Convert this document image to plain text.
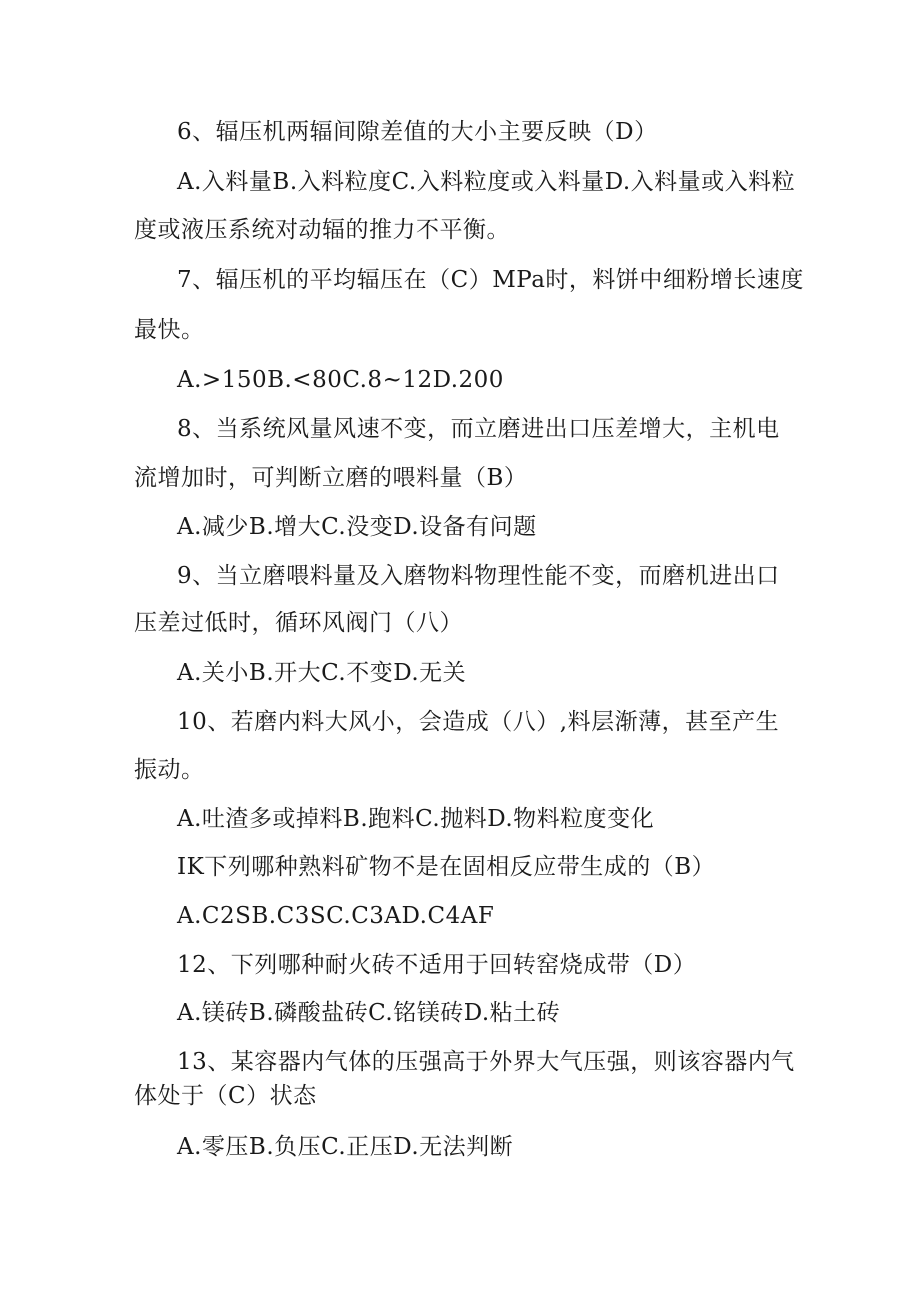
6、辐压机两辐间隙差值的大小主要反映（D）
A.入料量B.入料粒度C.入料粒度或入料量D.入料量或入料粒
度或液压系统对动辐的推力不平衡。
7、辐压机的平均辐压在（C）MPa时，料饼中细粉增长速度
最快。
A.>150B.<80C.8~12D.200
8、当系统风量风速不变，而立磨进出口压差增大，主机电
流增加时，可判断立磨的喂料量（B）
A.减少B.增大C.没变D.设备有问题
9、当立磨喂料量及入磨物料物理性能不变，而磨机进出口
压差过低时，循环风阀门（八）
A.关小B.开大C.不变D.无关
10、若磨内料大风小，会造成（八）,料层渐薄，甚至产生
振动。
A.吐渣多或掉料B.跑料C.抛料D.物料粒度变化
IK下列哪种熟料矿物不是在固相反应带生成的（B）
A.C2SB.C3SC.C3AD.C4AF
12、下列哪种耐火砖不适用于回转窑烧成带（D）
A.镁砖B.磷酸盐砖C.铭镁砖D.粘土砖
13、某容器内气体的压强高于外界大气压强，则该容器内气
体处于（C）状态
A.零压B.负压C.正压D.无法判断
